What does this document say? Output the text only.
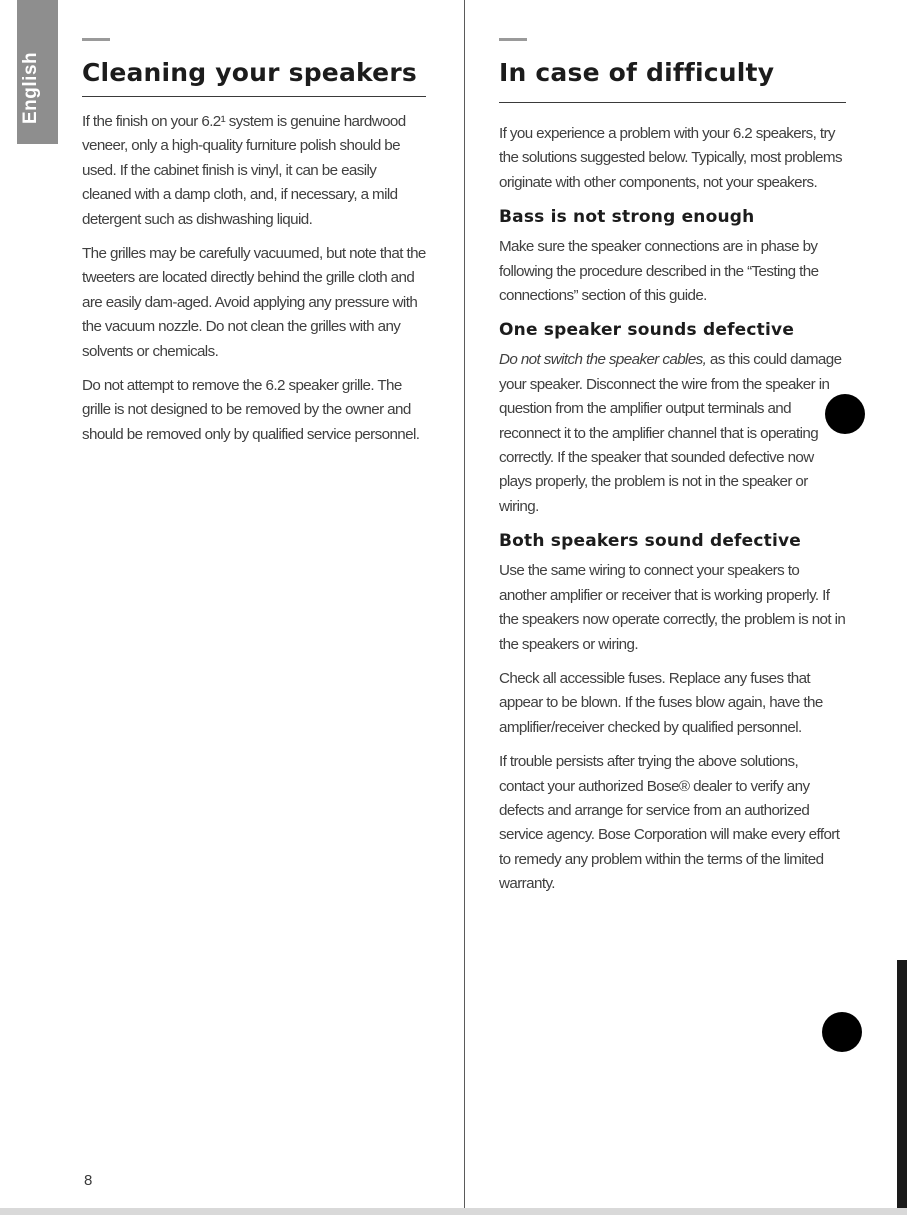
English Cleaning your speakers

If the finish on your 6.2¹ system is genuine hardwood veneer, only a high-quality furniture polish should be used. If the cabinet finish is vinyl, it can be easily cleaned with a damp cloth, and, if necessary, a mild detergent such as dishwashing liquid.

The grilles may be carefully vacuumed, but note that the tweeters are located directly behind the grille cloth and are easily dam-aged. Avoid applying any pressure with the vacuum nozzle. Do not clean the grilles with any solvents or chemicals.

Do not attempt to remove the 6.2 speaker grille. The grille is not designed to be removed by the owner and should be removed only by qualified service personnel.

In case of difficulty

If you experience a problem with your 6.2 speakers, try the solutions suggested below. Typically, most problems originate with other components, not your speakers.

Bass is not strong enough

Make sure the speaker connections are in phase by following the procedure described in the “Testing the connections” section of this guide.

One speaker sounds defective

Do not switch the speaker cables, as this could damage your speaker. Disconnect the wire from the speaker in question from the amplifier output terminals and reconnect it to the amplifier channel that is operating correctly. If the speaker that sounded defective now plays properly, the problem is not in the speaker or wiring.

Both speakers sound defective

Use the same wiring to connect your speakers to another amplifier or receiver that is working properly. If the speakers now operate correctly, the problem is not in the speakers or wiring.

Check all accessible fuses. Replace any fuses that appear to be blown. If the fuses blow again, have the amplifier/receiver checked by qualified personnel.

If trouble persists after trying the above solutions, contact your authorized Bose® dealer to verify any defects and arrange for service from an authorized service agency. Bose Corporation will make every effort to remedy any problem within the terms of the limited warranty.

8
